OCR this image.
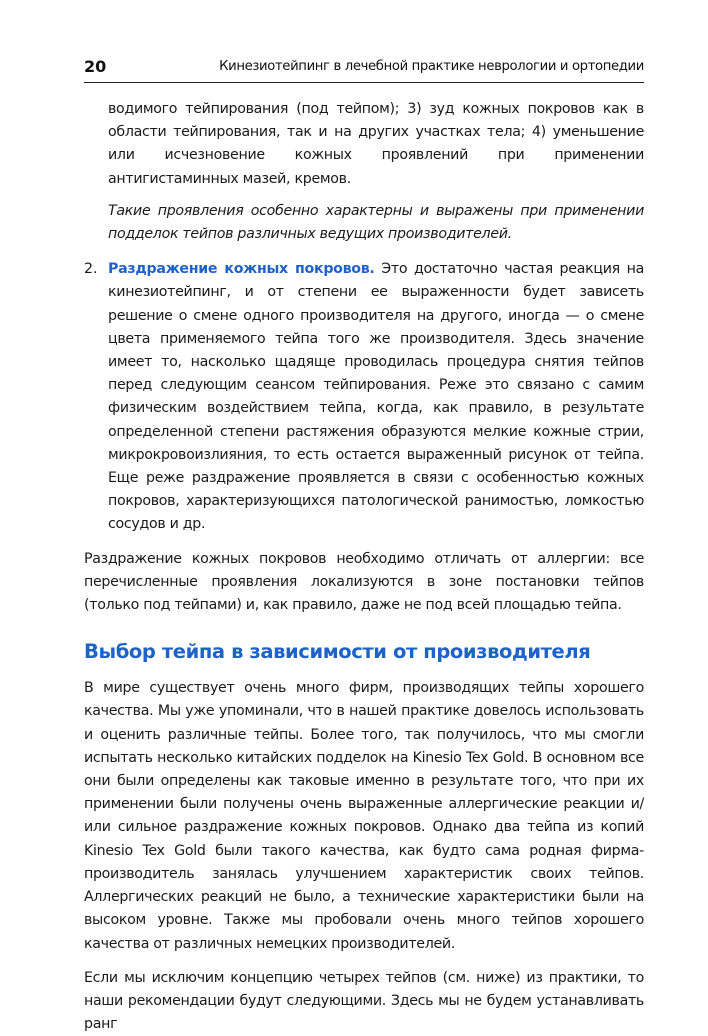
20	Кинезиотейпинг в лечебной практике неврологии и ортопедии

водимого тейпирования (под тейпом); 3) зуд кожных покровов как в области тейпирования, так и на других участках тела; 4) уменьшение или исчезновение кожных проявлений при применении антигистаминных мазей, кремов.

Такие проявления особенно характерны и выражены при применении подделок тейпов различных ведущих производителей.

2. Раздражение кожных покровов. Это достаточно частая реакция на кинезиотейпинг, и от степени ее выраженности будет зависеть решение о смене одного производителя на другого, иногда — о смене цвета применяемого тейпа того же производителя. Здесь значение имеет то, насколько щадяще проводилась процедура снятия тейпов перед следующим сеансом тейпирования. Реже это связано с самим физическим воздействием тейпа, когда, как правило, в результате определенной степени растяжения образуются мелкие кожные стрии, микрокровоизлияния, то есть остается выраженный рисунок от тейпа. Еще реже раздражение проявляется в связи с особенностью кожных покровов, характеризующихся патологической ранимостью, ломкостью сосудов и др.

Раздражение кожных покровов необходимо отличать от аллергии: все перечисленные проявления локализуются в зоне постановки тейпов (только под тейпами) и, как правило, даже не под всей площадью тейпа.

Выбор тейпа в зависимости от производителя

В мире существует очень много фирм, производящих тейпы хорошего качества. Мы уже упоминали, что в нашей практике довелось использовать и оценить различные тейпы. Более того, так получилось, что мы смогли испытать несколько китайских подделок на Kinesio Tex Gold. В основном все они были определены как таковые именно в результате того, что при их применении были получены очень выраженные аллергические реакции и/или сильное раздражение кожных покровов. Однако два тейпа из копий Kinesio Tex Gold были такого качества, как будто сама родная фирма-производитель занялась улучшением характеристик своих тейпов. Аллергических реакций не было, а технические характеристики были на высоком уровне. Также мы пробовали очень много тейпов хорошего качества от различных немецких производителей.

Если мы исключим концепцию четырех тейпов (см. ниже) из практики, то наши рекомендации будут следующими. Здесь мы не будем устанавливать ранг
